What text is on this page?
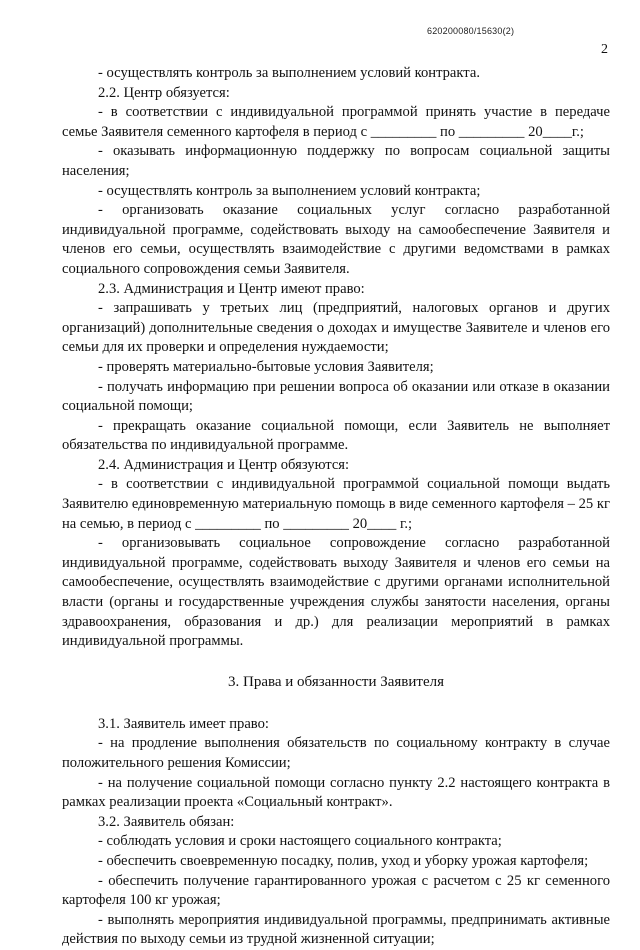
620200080/15630(2)
2

- осуществлять контроль за выполнением условий контракта.

2.2. Центр обязуется:

- в соответствии с индивидуальной программой принять участие в передаче семье Заявителя семенного картофеля в период с _________ по _________ 20____г.;

- оказывать информационную поддержку по вопросам социальной защиты населения;

- осуществлять контроль за выполнением условий контракта;

- организовать оказание социальных услуг согласно разработанной индивидуальной программе, содействовать выходу на самообеспечение Заявителя и членов его семьи, осуществлять взаимодействие с другими ведомствами в рамках социального сопровождения семьи Заявителя.

2.3. Администрация и Центр имеют право:

- запрашивать у третьих лиц (предприятий, налоговых органов и других организаций) дополнительные сведения о доходах и имуществе Заявителе и членов его семьи для их проверки и определения нуждаемости;

- проверять материально-бытовые условия Заявителя;

- получать информацию при решении вопроса об оказании или отказе в оказании социальной помощи;

- прекращать оказание социальной помощи, если Заявитель не выполняет обязательства по индивидуальной программе.

2.4. Администрация и Центр обязуются:

- в соответствии с индивидуальной программой социальной помощи выдать Заявителю единовременную материальную помощь в виде семенного картофеля – 25 кг на семью, в период с _________ по _________ 20____ г.;

- организовывать социальное сопровождение согласно разработанной индивидуальной программе, содействовать выходу Заявителя и членов его семьи на самообеспечение, осуществлять взаимодействие с другими органами исполнительной власти (органы и государственные учреждения службы занятости населения, органы здравоохранения, образования и др.) для реализации мероприятий в рамках индивидуальной программы.

3. Права и обязанности Заявителя

3.1. Заявитель имеет право:

- на продление выполнения обязательств по социальному контракту в случае положительного решения Комиссии;

- на получение социальной помощи согласно пункту 2.2 настоящего контракта в рамках реализации проекта «Социальный контракт».

3.2. Заявитель обязан:

- соблюдать условия и сроки настоящего социального контракта;

- обеспечить своевременную посадку, полив, уход и уборку урожая картофеля;

- обеспечить получение гарантированного урожая с расчетом с 25 кг семенного картофеля 100 кг урожая;

- выполнять мероприятия индивидуальной программы, предпринимать активные действия по выходу семьи из трудной жизненной ситуации;
